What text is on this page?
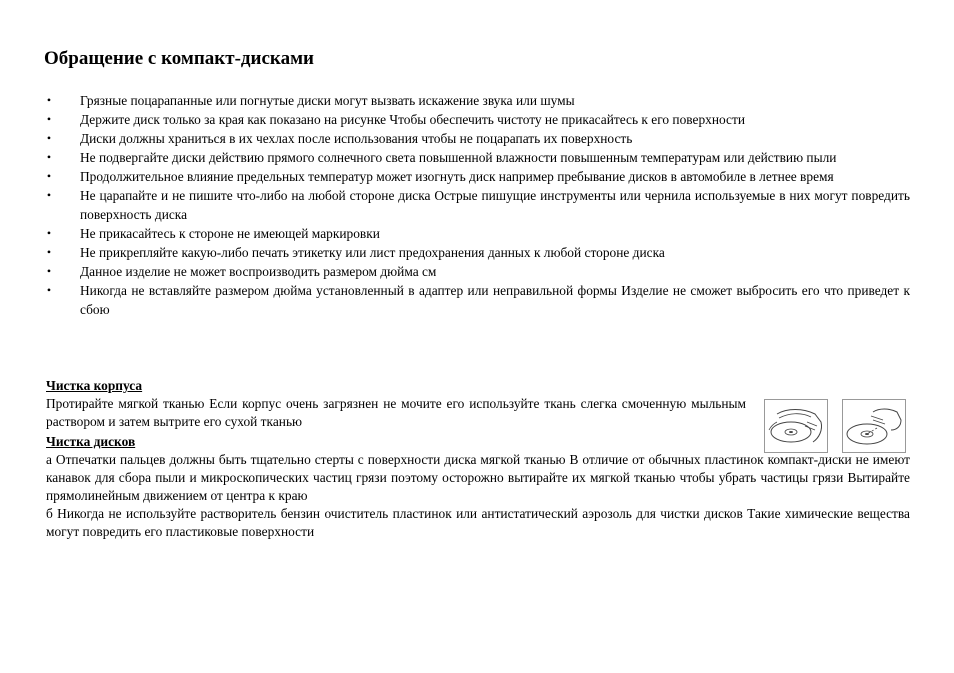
Обращение с компакт-дисками
• Грязные поцарапанные или погнутые диски могут вызвать искажение звука или шумы
• Держите диск только за края как показано на рисунке Чтобы обеспечить чистоту не прикасайтесь к его поверхности
• Диски должны храниться в их чехлах после использования чтобы не поцарапать их поверхность
• Не подвергайте диски действию прямого солнечного света повышенной влажности повышенным температурам или действию пыли
• Продолжительное влияние предельных температур может изогнуть диск например пребывание дисков в автомобиле в летнее время
• Не царапайте и не пишите что-либо на любой стороне диска Острые пишущие инструменты или чернила используемые в них могут повредить поверхность диска
• Не прикасайтесь к стороне не имеющей маркировки
• Не прикрепляйте какую-либо печать этикетку или лист предохранения данных к любой стороне диска
• Данное изделие не может воспроизводить размером дюйма см
• Никогда не вставляйте размером дюйма установленный в адаптер или неправильной формы Изделие не сможет выбросить его что приведет к сбою

Чистка корпуса

Протирайте мягкой тканью Если корпус очень загрязнен не мочите его используйте ткань слегка смоченную мыльным раствором и затем вытрите его сухой тканью

Чистка дисков

а Отпечатки пальцев должны быть тщательно стерты с поверхности диска мягкой тканью В отличие от обычных пластинок компакт-диски не имеют канавок для сбора пыли и микроскопических частиц грязи поэтому осторожно вытирайте их мягкой тканью чтобы убрать частицы грязи Вытирайте прямолинейным движением от центра к краю

б Никогда не используйте растворитель бензин очиститель пластинок или антистатический аэрозоль для чистки дисков Такие химические вещества могут повредить его пластиковые поверхности
